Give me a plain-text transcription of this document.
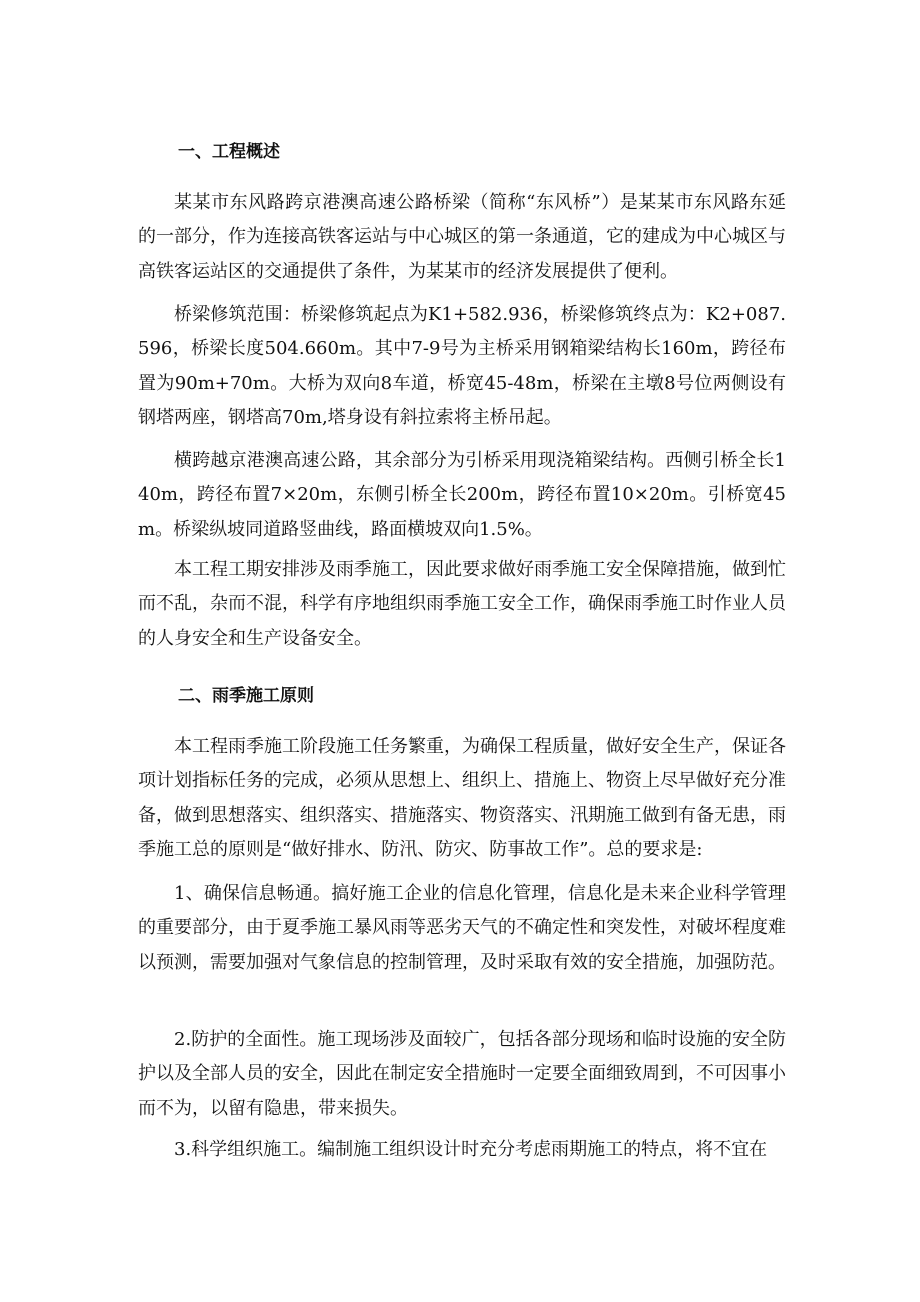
一、工程概述

某某市东风路跨京港澳高速公路桥梁（简称“东风桥”）是某某市东风路东延的一部分，作为连接高铁客运站与中心城区的第一条通道，它的建成为中心城区与高铁客运站区的交通提供了条件，为某某市的经济发展提供了便利。

桥梁修筑范围：桥梁修筑起点为K1+582.936，桥梁修筑终点为：K2+087.596，桥梁长度504.660m。其中7-9号为主桥采用钢箱梁结构长160m，跨径布置为90m+70m。大桥为双向8车道，桥宽45-48m，桥梁在主墩8号位两侧设有钢塔两座，钢塔高70m,塔身设有斜拉索将主桥吊起。

横跨越京港澳高速公路，其余部分为引桥采用现浇箱梁结构。西侧引桥全长140m，跨径布置7×20m，东侧引桥全长200m，跨径布置10×20m。引桥宽45m。桥梁纵坡同道路竖曲线，路面横坡双向1.5%。

本工程工期安排涉及雨季施工，因此要求做好雨季施工安全保障措施，做到忙而不乱，杂而不混，科学有序地组织雨季施工安全工作，确保雨季施工时作业人员的人身安全和生产设备安全。

二、雨季施工原则

本工程雨季施工阶段施工任务繁重，为确保工程质量，做好安全生产，保证各项计划指标任务的完成，必须从思想上、组织上、措施上、物资上尽早做好充分准备，做到思想落实、组织落实、措施落实、物资落实、汛期施工做到有备无患，雨季施工总的原则是“做好排水、防汛、防灾、防事故工作”。总的要求是:

1、确保信息畅通。搞好施工企业的信息化管理，信息化是未来企业科学管理的重要部分，由于夏季施工暴风雨等恶劣天气的不确定性和突发性，对破坏程度难以预测，需要加强对气象信息的控制管理，及时采取有效的安全措施，加强防范。

2.防护的全面性。施工现场涉及面较广，包括各部分现场和临时设施的安全防护以及全部人员的安全，因此在制定安全措施时一定要全面细致周到，不可因事小而不为，以留有隐患，带来损失。

3.科学组织施工。编制施工组织设计时充分考虑雨期施工的特点，将不宜在
